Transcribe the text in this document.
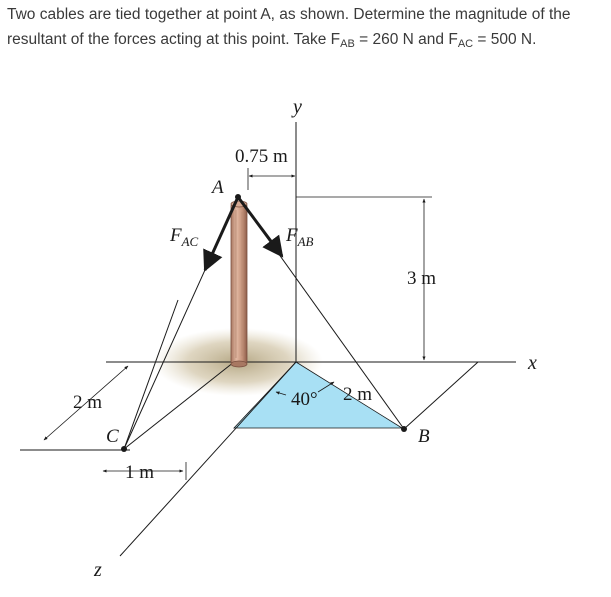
Two cables are tied together at point A, as shown. Determine the magnitude of the resultant of the forces acting at this point. Take $F_{AB} = 260$ N and $F_{AC} = 500$ N.
y
x
z
A
B
C
$F_{AC}$	$F_{AB}$
0.75 m
3 m
2 m
1 m
2 m
40°
